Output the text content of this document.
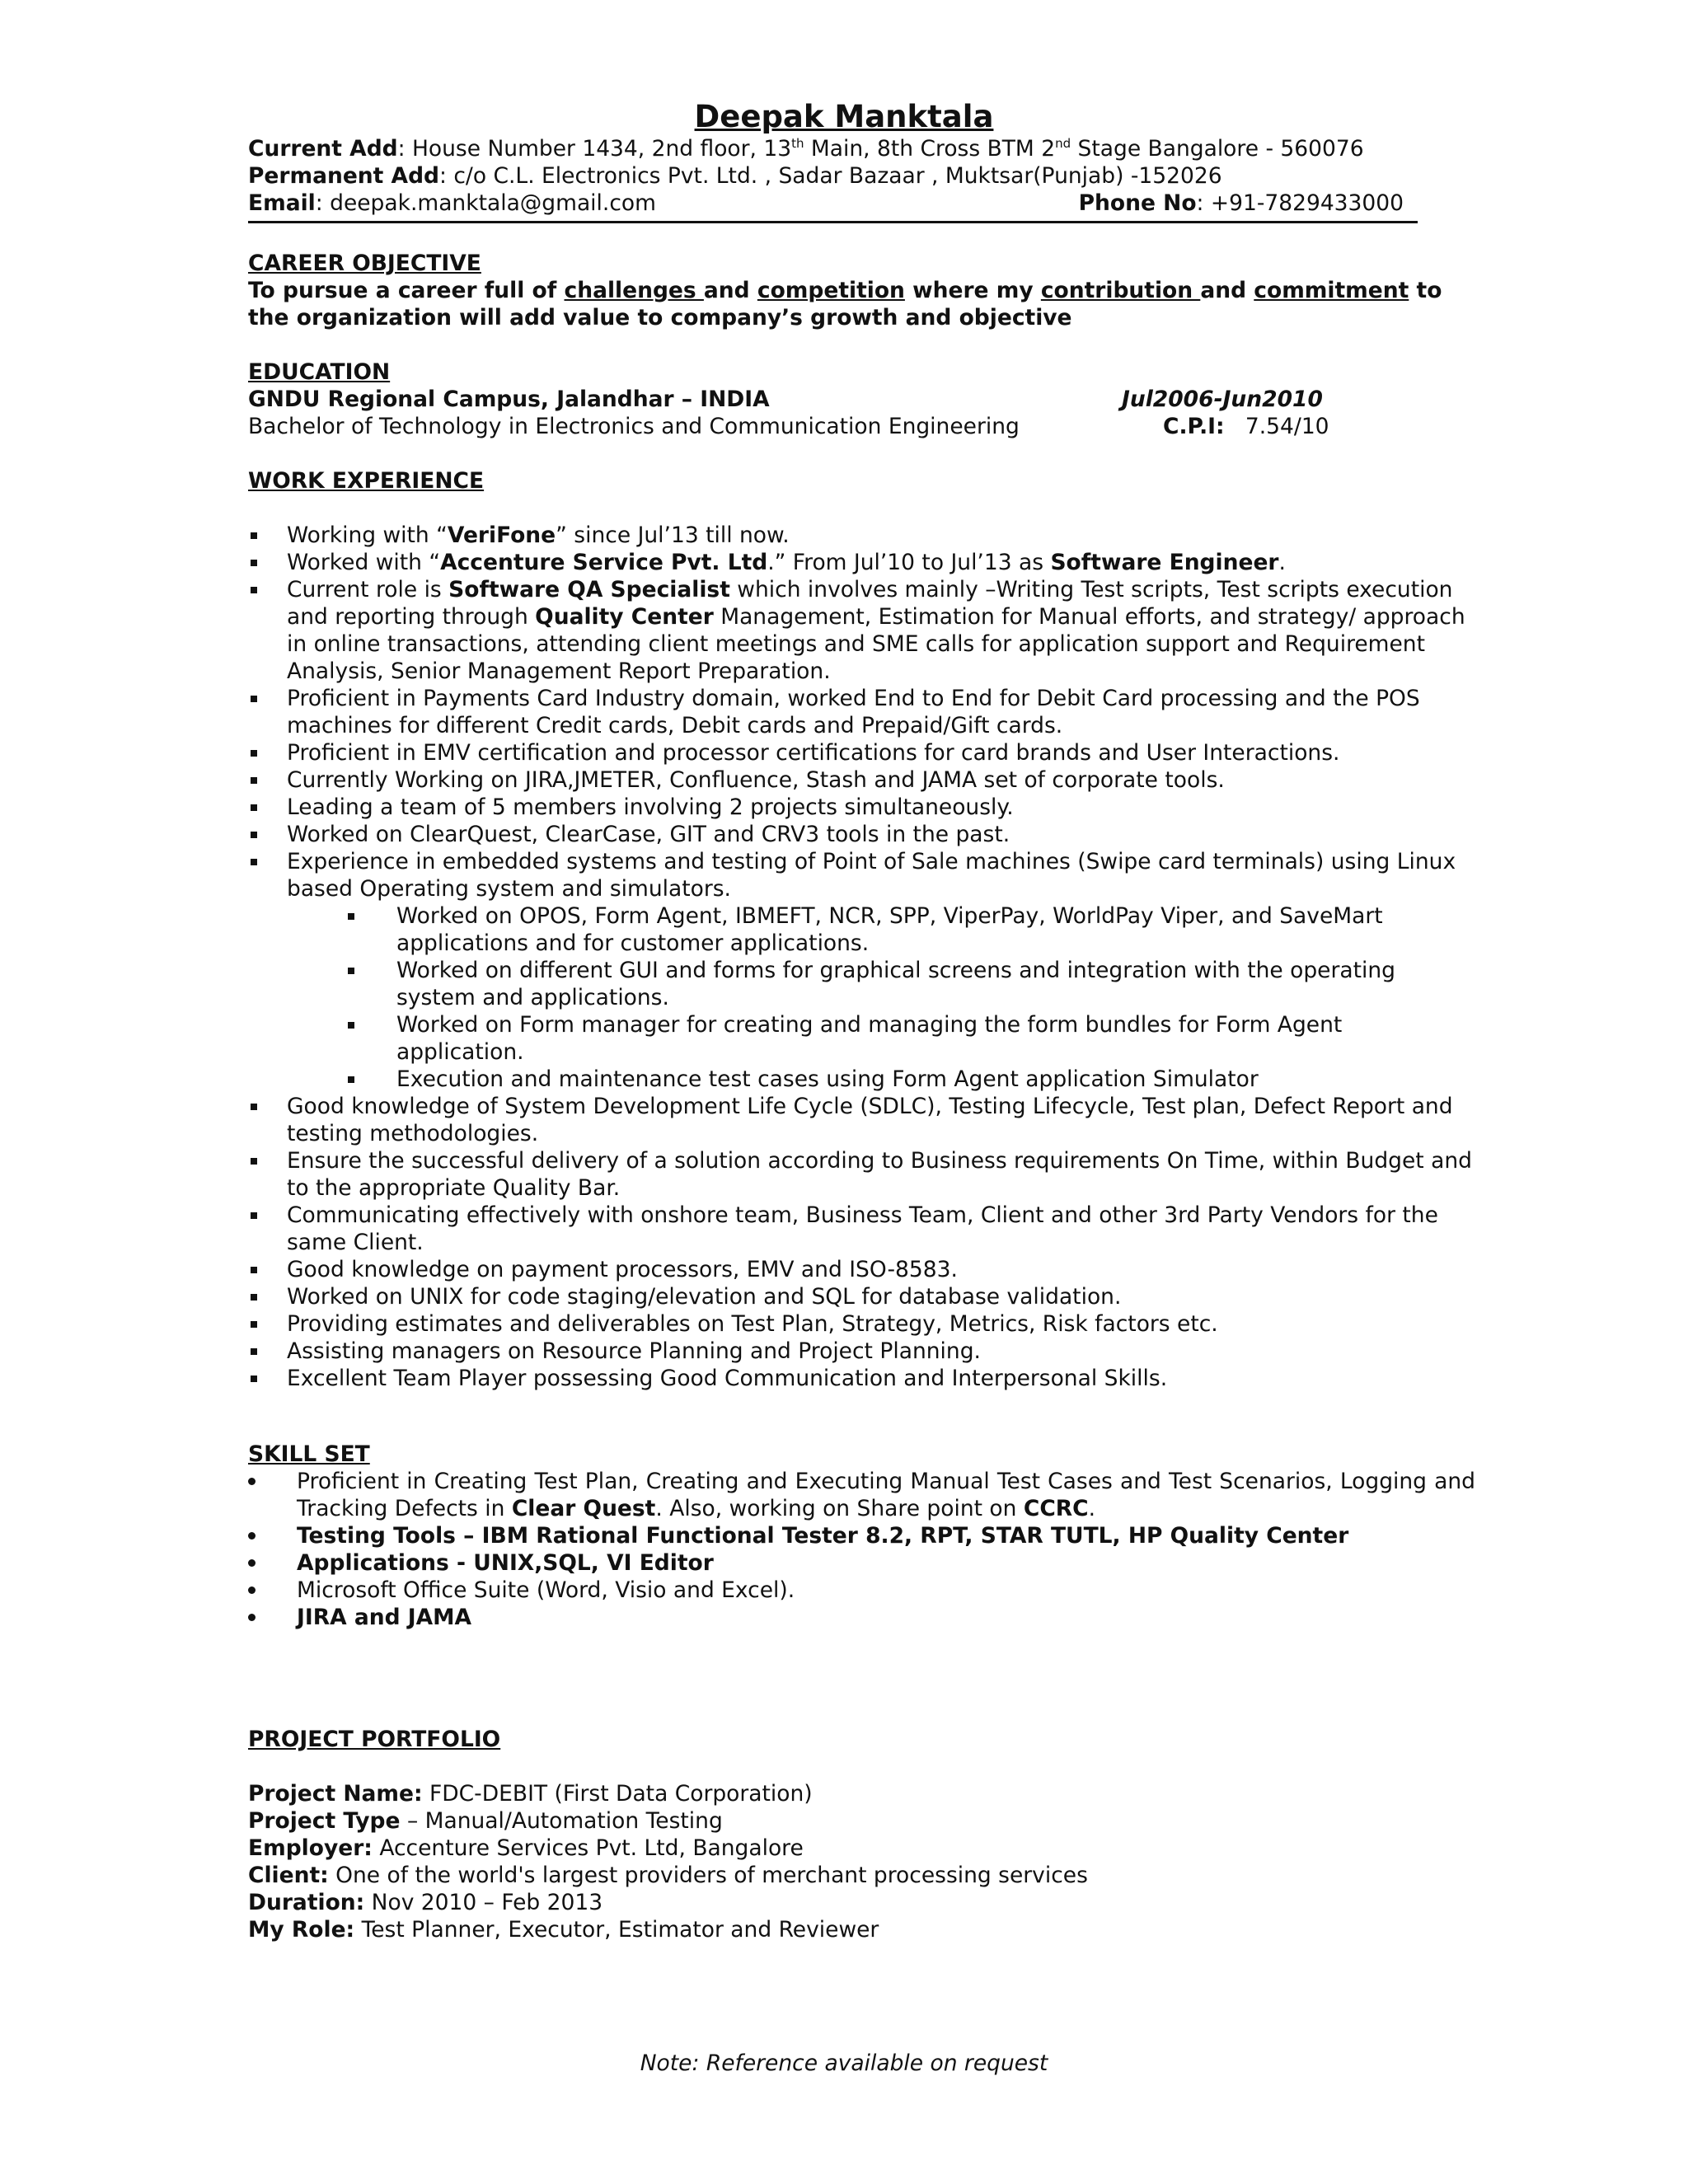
Deepak Manktala
Current Add: House Number 1434, 2nd floor, 13th Main, 8th Cross BTM 2nd Stage Bangalore - 560076
Permanent Add: c/o C.L. Electronics Pvt. Ltd. , Sadar Bazaar , Muktsar(Punjab) -152026
Email: deepak.manktala@gmail.com	Phone No: +91-7829433000
CAREER OBJECTIVE
To pursue a career full of challenges and competition where my contribution and commitment to the organization will add value to company’s growth and objective
EDUCATION
GNDU Regional Campus, Jalandhar – INDIA	Jul2006-Jun2010
Bachelor of Technology in Electronics and Communication Engineering	C.P.I: 7.54/10
WORK EXPERIENCE
Working with “VeriFone” since Jul’13 till now.
Worked with “Accenture Service Pvt. Ltd.” From Jul’10 to Jul’13 as Software Engineer.
Current role is Software QA Specialist which involves mainly –Writing Test scripts, Test scripts execution and reporting through Quality Center Management, Estimation for Manual efforts, and strategy/ approach in online transactions, attending client meetings and SME calls for application support and Requirement Analysis, Senior Management Report Preparation.
Proficient in Payments Card Industry domain, worked End to End for Debit Card processing and the POS machines for different Credit cards, Debit cards and Prepaid/Gift cards.
Proficient in EMV certification and processor certifications for card brands and User Interactions.
Currently Working on JIRA,JMETER, Confluence, Stash and JAMA set of corporate tools.
Leading a team of 5 members involving 2 projects simultaneously.
Worked on ClearQuest, ClearCase, GIT and CRV3 tools in the past.
Experience in embedded systems and testing of Point of Sale machines (Swipe card terminals) using Linux based Operating system and simulators.
Worked on OPOS, Form Agent, IBMEFT, NCR, SPP, ViperPay, WorldPay Viper, and SaveMart applications and for customer applications.
Worked on different GUI and forms for graphical screens and integration with the operating system and applications.
Worked on Form manager for creating and managing the form bundles for Form Agent application.
Execution and maintenance test cases using Form Agent application Simulator
Good knowledge of System Development Life Cycle (SDLC), Testing Lifecycle, Test plan, Defect Report and testing methodologies.
Ensure the successful delivery of a solution according to Business requirements On Time, within Budget and to the appropriate Quality Bar.
Communicating effectively with onshore team, Business Team, Client and other 3rd Party Vendors for the same Client.
Good knowledge on payment processors, EMV and ISO-8583.
Worked on UNIX for code staging/elevation and SQL for database validation.
Providing estimates and deliverables on Test Plan, Strategy, Metrics, Risk factors etc.
Assisting managers on Resource Planning and Project Planning.
Excellent Team Player possessing Good Communication and Interpersonal Skills.
SKILL SET
Proficient in Creating Test Plan, Creating and Executing Manual Test Cases and Test Scenarios, Logging and Tracking Defects in Clear Quest. Also, working on Share point on CCRC.
Testing Tools – IBM Rational Functional Tester 8.2, RPT, STAR TUTL, HP Quality Center
Applications - UNIX,SQL, VI Editor
Microsoft Office Suite (Word, Visio and Excel).
JIRA and JAMA
PROJECT PORTFOLIO
Project Name: FDC-DEBIT (First Data Corporation)
Project Type – Manual/Automation Testing
Employer: Accenture Services Pvt. Ltd, Bangalore
Client: One of the world's largest providers of merchant processing services
Duration: Nov 2010 – Feb 2013
My Role: Test Planner, Executor, Estimator and Reviewer
Note: Reference available on request
